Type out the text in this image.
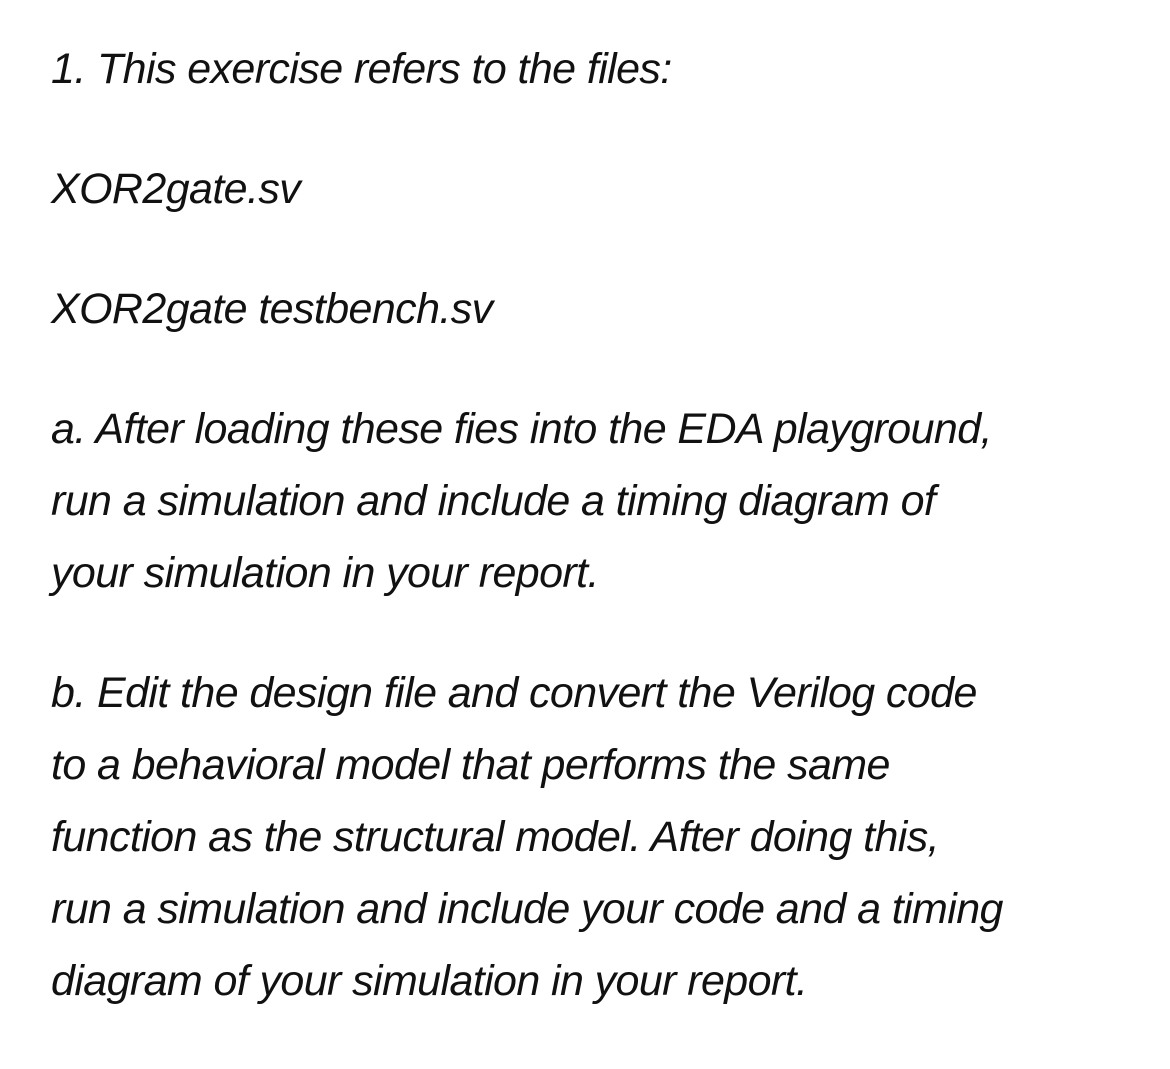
1. This exercise refers to the files:
XOR2gate.sv
XOR2gate testbench.sv
a. After loading these fies into the EDA playground,
run a simulation and include a timing diagram of
your simulation in your report.
b. Edit the design file and convert the Verilog code
to a behavioral model that performs the same
function as the structural model. After doing this,
run a simulation and include your code and a timing
diagram of your simulation in your report.
